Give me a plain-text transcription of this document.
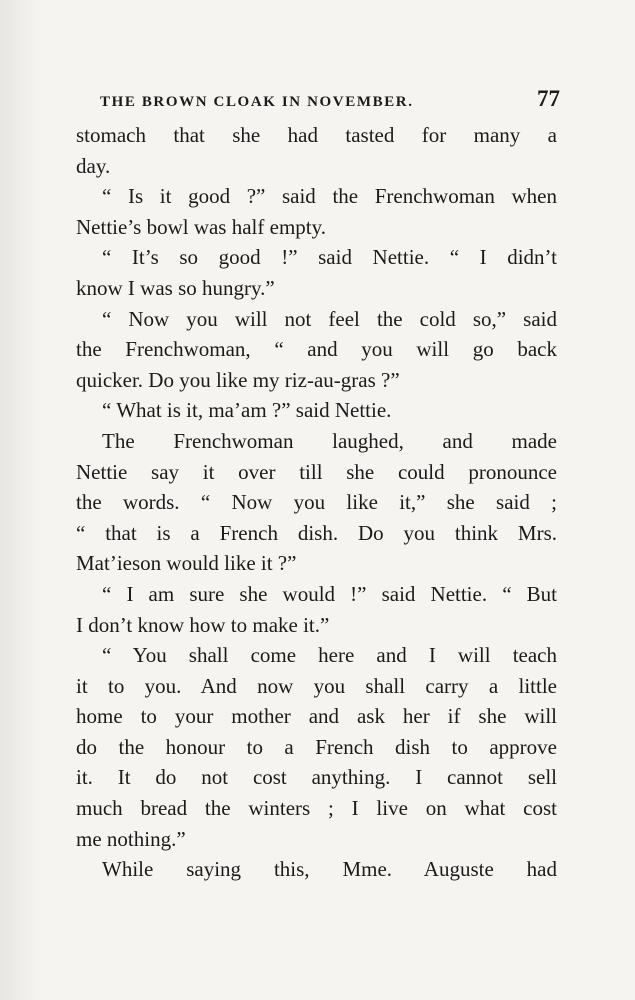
THE BROWN CLOAK IN NOVEMBER.	77
stomach that she had tasted for many a
day.
“ Is it good ?” said the Frenchwoman when
Nettie’s bowl was half empty.
“ It’s so good !” said Nettie. “ I didn’t
know I was so hungry.”
“ Now you will not feel the cold so,” said
the Frenchwoman, “ and you will go back
quicker. Do you like my riz-au-gras ?”
“ What is it, ma’am ?” said Nettie.
The Frenchwoman laughed, and made
Nettie say it over till she could pronounce
the words. “ Now you like it,” she said ;
“ that is a French dish. Do you think Mrs.
Mat’ieson would like it ?”
“ I am sure she would !” said Nettie. “ But
I don’t know how to make it.”
“ You shall come here and I will teach
it to you. And now you shall carry a little
home to your mother and ask her if she will
do the honour to a French dish to approve
it. It do not cost anything. I cannot sell
much bread the winters ; I live on what cost
me nothing.”
While saying this, Mme. Auguste had
